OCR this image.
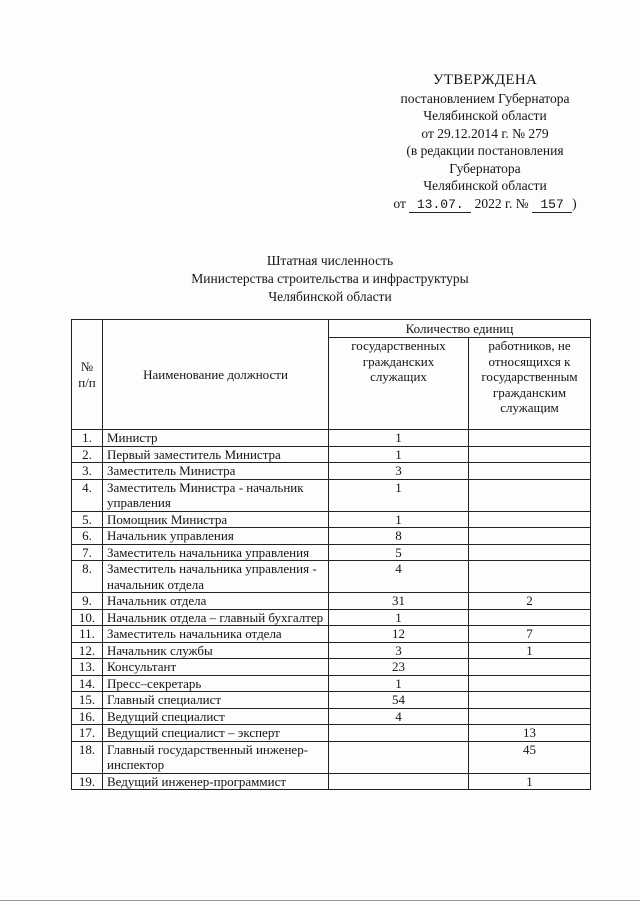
УТВЕРЖДЕНА
постановлением Губернатора
Челябинской области
от 29.12.2014 г. № 279
(в редакции постановления
Губернатора
Челябинской области
от 13.07. 2022 г. № 157 )
Штатная численность
Министерства строительства и инфраструктуры
Челябинской области
№ п/п	Наименование должности	Количество единиц	
		государственных гражданских служащих	работников, не относящихся к государственным гражданским служащим
1.	Министр	1	
2.	Первый заместитель Министра	1	
3.	Заместитель Министра	3	
4.	Заместитель Министра - начальник управления	1	
5.	Помощник Министра	1	
6.	Начальник управления	8	
7.	Заместитель начальника управления	5	
8.	Заместитель начальника управления - начальник отдела	4	
9.	Начальник отдела	31	2
10.	Начальник отдела – главный бухгалтер	1	
11.	Заместитель начальника отдела	12	7
12.	Начальник службы	3	1
13.	Консультант	23	
14.	Пресс–секретарь	1	
15.	Главный специалист	54	
16.	Ведущий специалист	4	
17.	Ведущий специалист – эксперт		13
18.	Главный государственный инженер-инспектор		45
19.	Ведущий инженер-программист		1
